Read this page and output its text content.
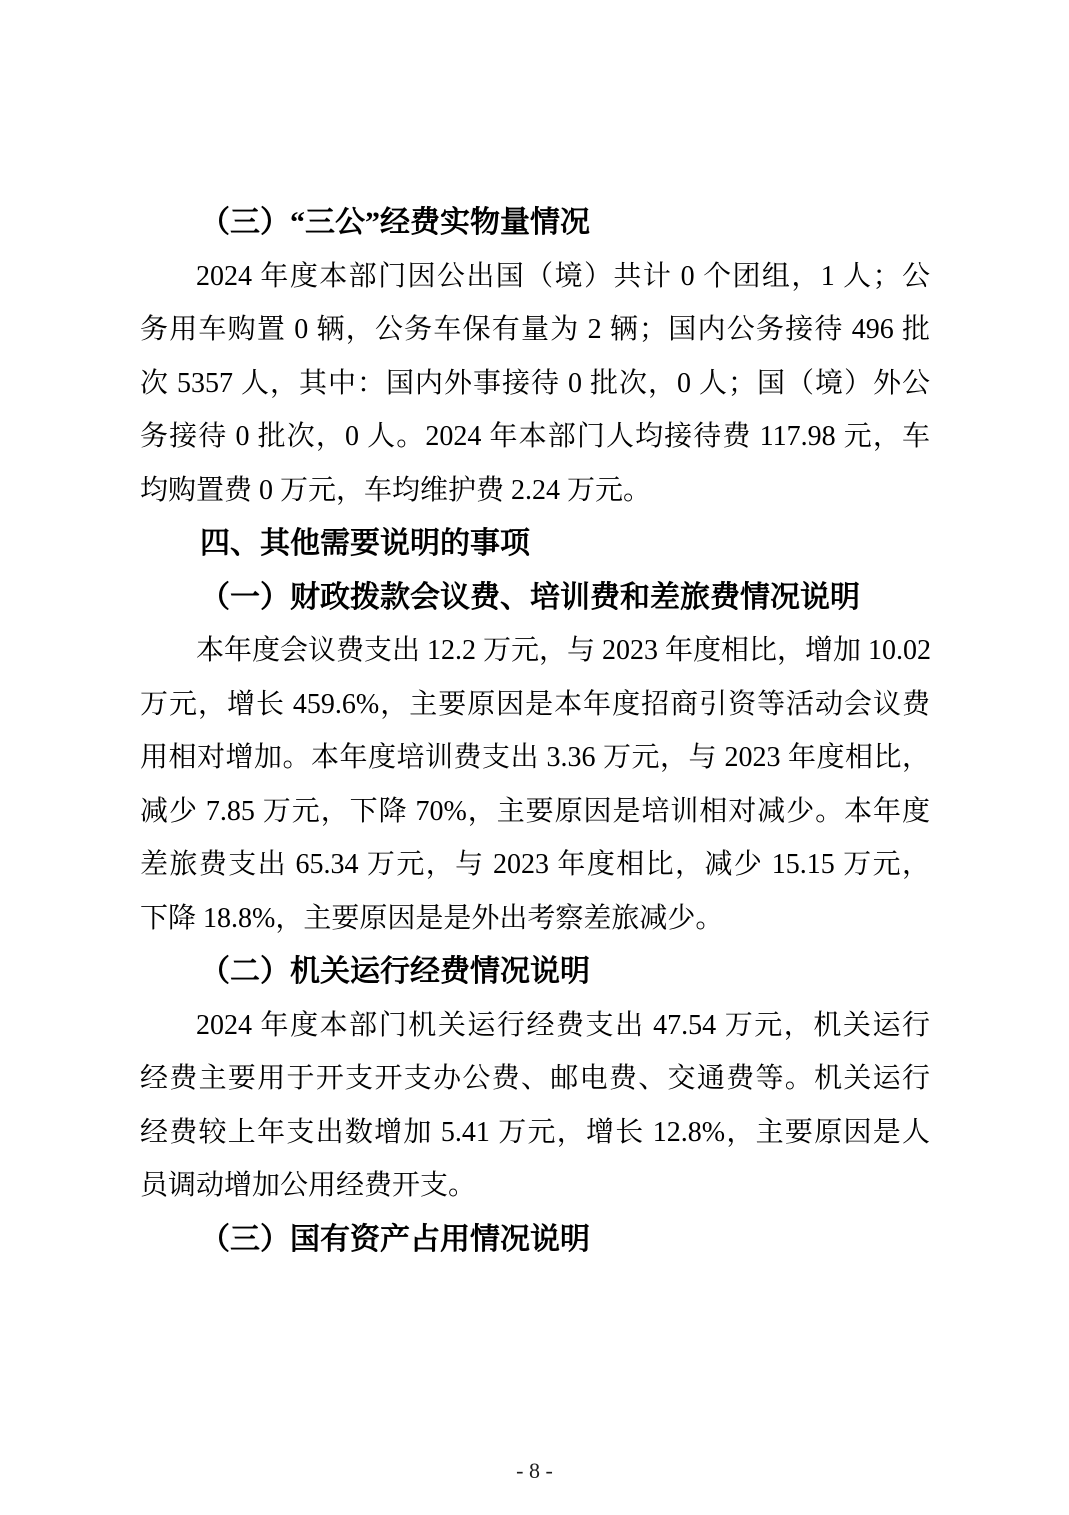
（三）“三公”经费实物量情况
2024 年度本部门因公出国（境）共计 0 个团组，1 人；公
务用车购置 0 辆，公务车保有量为 2 辆；国内公务接待 496 批
次 5357 人，其中：国内外事接待 0 批次，0 人；国（境）外公
务接待 0 批次，0 人。2024 年本部门人均接待费 117.98 元，车
均购置费 0 万元，车均维护费 2.24 万元。
四、其他需要说明的事项
（一）财政拨款会议费、培训费和差旅费情况说明
本年度会议费支出 12.2 万元，与 2023 年度相比，增加 10.02
万元，增长 459.6%，主要原因是本年度招商引资等活动会议费
用相对增加。本年度培训费支出 3.36 万元，与 2023 年度相比，
减少 7.85 万元，下降 70%，主要原因是培训相对减少。本年度
差旅费支出 65.34 万元，与 2023 年度相比，减少 15.15 万元，
下降 18.8%，主要原因是是外出考察差旅减少。
（二）机关运行经费情况说明
2024 年度本部门机关运行经费支出 47.54 万元，机关运行
经费主要用于开支开支办公费、邮电费、交通费等。机关运行
经费较上年支出数增加 5.41 万元，增长 12.8%，主要原因是人
员调动增加公用经费开支。
（三）国有资产占用情况说明
- 8 -
